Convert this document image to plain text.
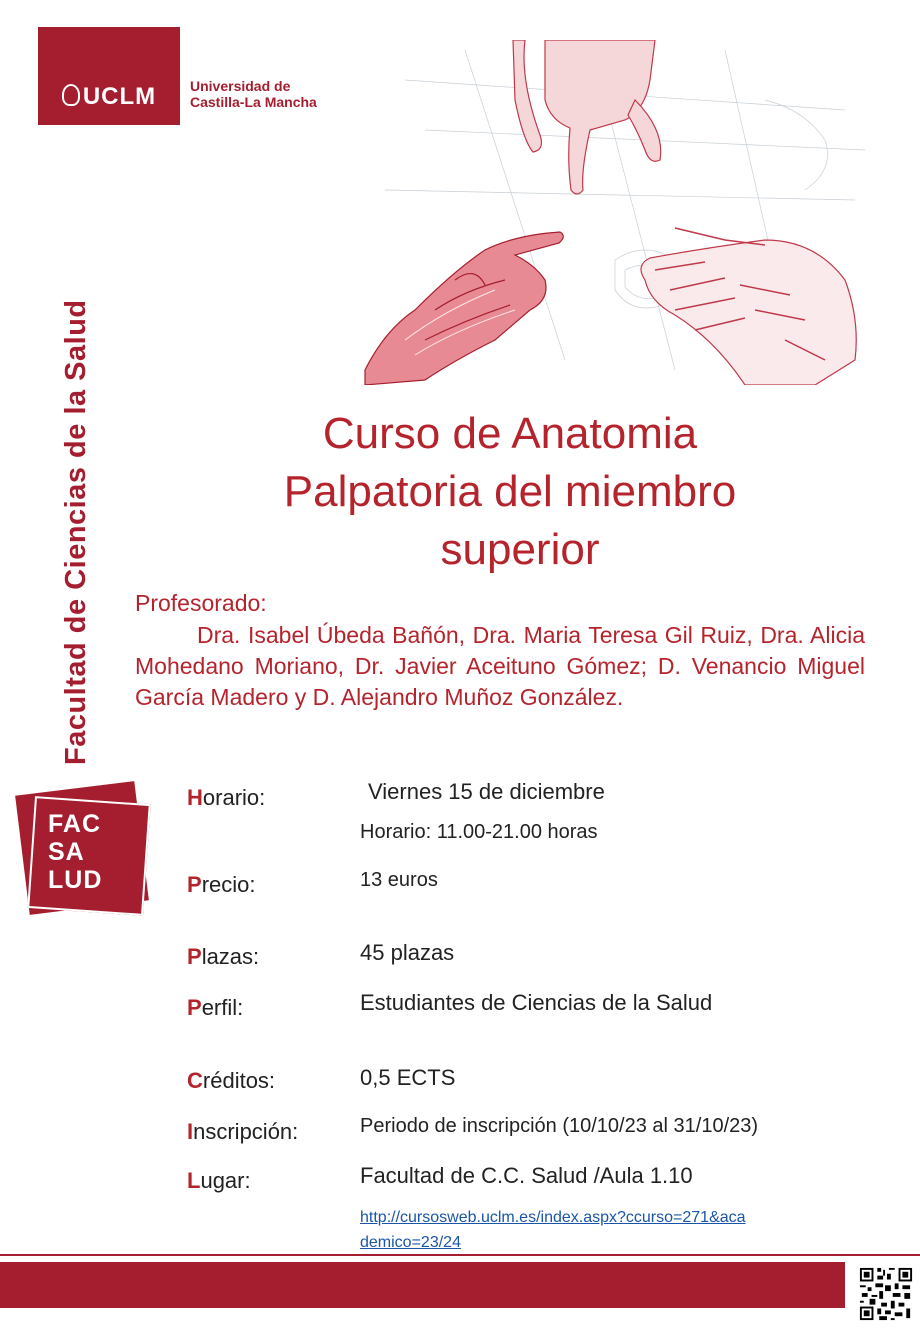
UCLM
CAMPUS DE EXCELENCIA INTERNACIONAL
Universidad de
Castilla-La Mancha
Facultad de Ciencias de la Salud
FAC
SA
LUD
Curso de Anatomia
Palpatoria del miembro
superior
Profesorado:
Dra. Isabel Úbeda Bañón, Dra. Maria Teresa Gil Ruiz, Dra. Alicia Mohedano Moriano, Dr. Javier Aceituno Gómez; D. Venancio Miguel García Madero y D. Alejandro Muñoz González.
Horario:	Viernes 15 de diciembre
Horario: 11.00-21.00 horas
Precio:	13 euros
Plazas:	45 plazas
Perfil:	Estudiantes de Ciencias de la Salud
Créditos:	0,5 ECTS
Inscripción:	Periodo de inscripción (10/10/23 al 31/10/23)
Lugar:	Facultad de C.C. Salud /Aula 1.10
http://cursosweb.uclm.es/index.aspx?ccurso=271&aca
demico=23/24
